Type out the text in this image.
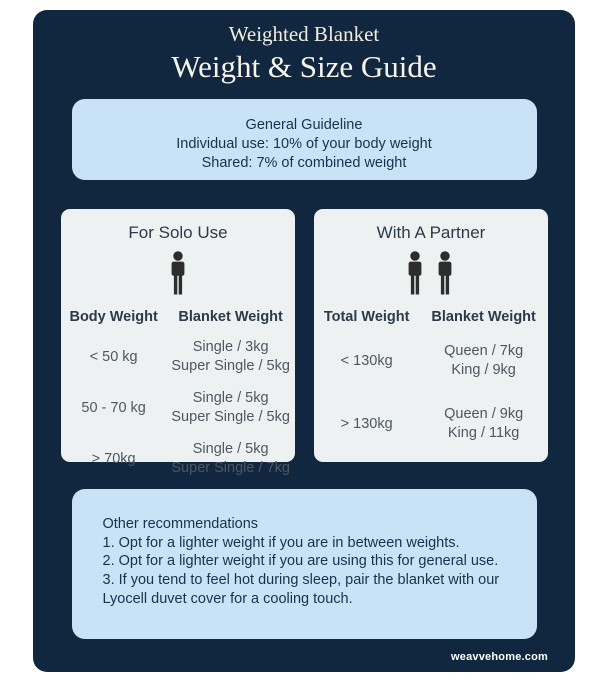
Weighted Blanket
Weight & Size Guide
General Guideline
Individual use: 10% of your body weight
Shared: 7% of combined weight
For Solo Use
Body Weight	Blanket Weight
< 50 kg
Single / 3kg
Super Single / 5kg
50 - 70 kg
Single / 5kg
Super Single / 5kg
> 70kg
Single / 5kg
Super Single / 7kg
With A Partner
Total Weight	Blanket Weight
< 130kg
Queen / 7kg
King / 9kg
> 130kg
Queen / 9kg
King / 11kg
Other recommendations
1. Opt for a lighter weight if you are in between weights.
2. Opt for a lighter weight if you are using this for general use.
3. If you tend to feel hot during sleep, pair the blanket with our Lyocell duvet cover for a cooling touch.
weavvehome.com
